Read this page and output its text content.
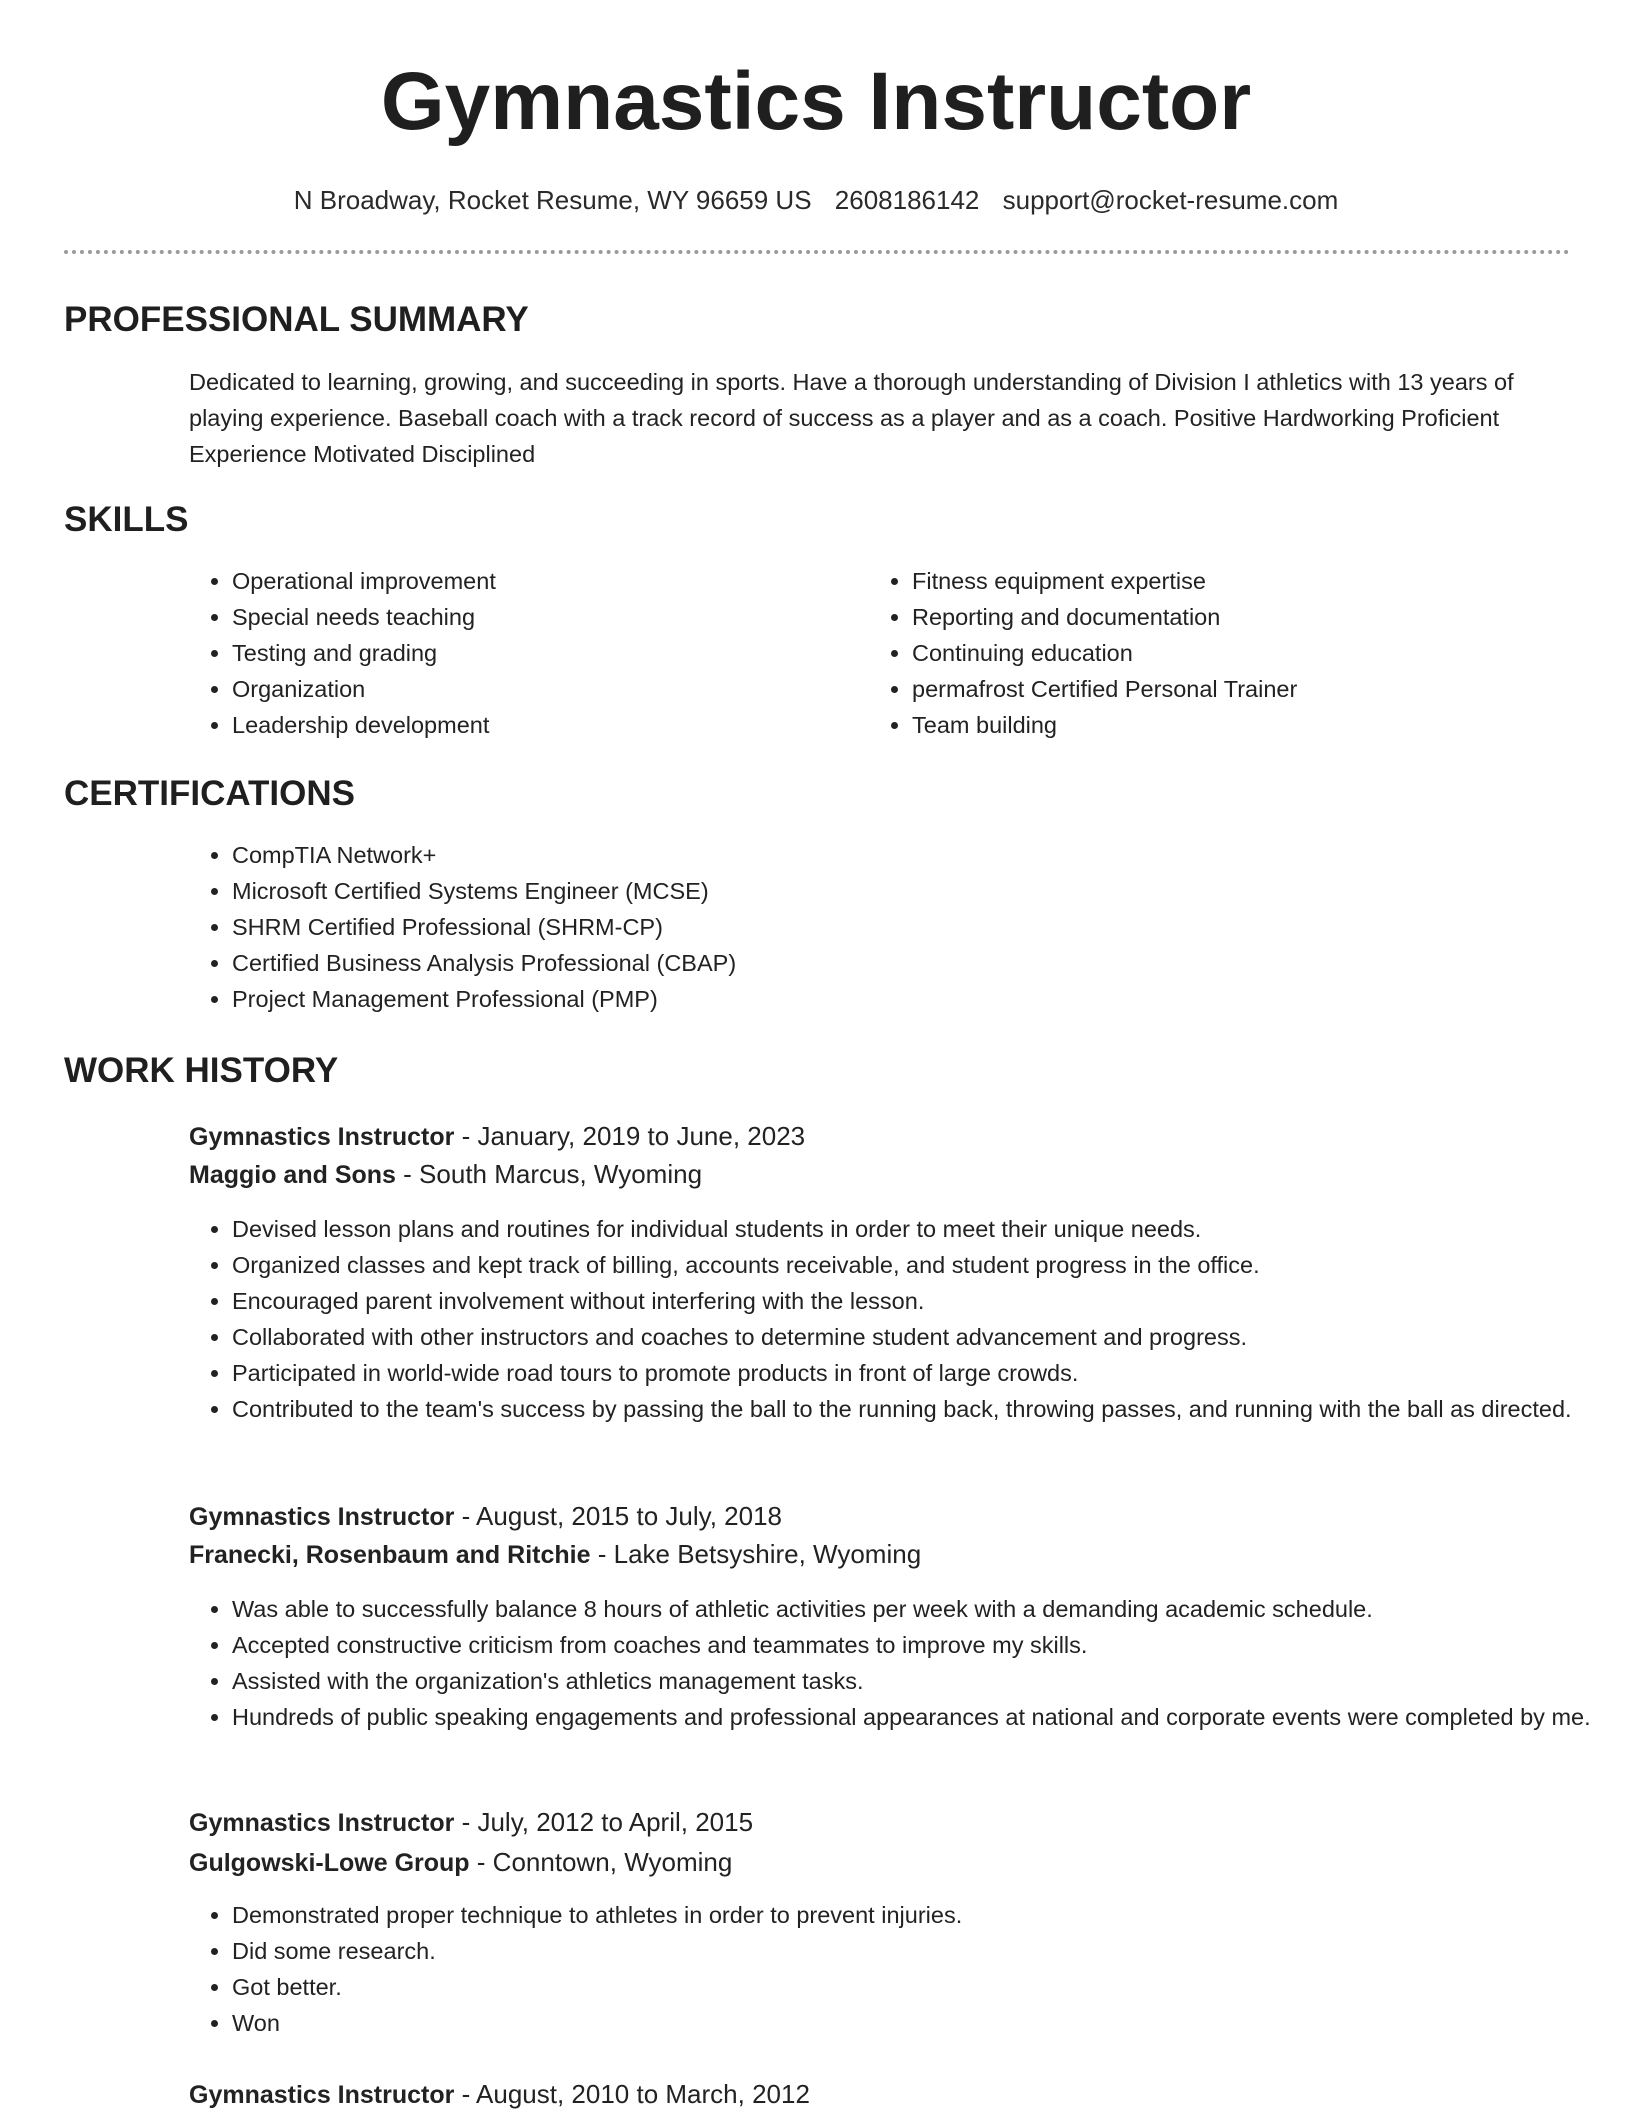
Gymnastics Instructor
N Broadway, Rocket Resume, WY 96659 US 2608186142 support@rocket-resume.com
PROFESSIONAL SUMMARY
Dedicated to learning, growing, and succeeding in sports. Have a thorough understanding of Division I athletics with 13 years of playing experience. Baseball coach with a track record of success as a player and as a coach. Positive Hardworking Proficient Experience Motivated Disciplined
SKILLS
• Operational improvement
• Special needs teaching
• Testing and grading
• Organization
• Leadership development
• Fitness equipment expertise
• Reporting and documentation
• Continuing education
• permafrost Certified Personal Trainer
• Team building
CERTIFICATIONS
• CompTIA Network+
• Microsoft Certified Systems Engineer (MCSE)
• SHRM Certified Professional (SHRM-CP)
• Certified Business Analysis Professional (CBAP)
• Project Management Professional (PMP)
WORK HISTORY
Gymnastics Instructor - January, 2019 to June, 2023
Maggio and Sons - South Marcus, Wyoming
• Devised lesson plans and routines for individual students in order to meet their unique needs.
• Organized classes and kept track of billing, accounts receivable, and student progress in the office.
• Encouraged parent involvement without interfering with the lesson.
• Collaborated with other instructors and coaches to determine student advancement and progress.
• Participated in world-wide road tours to promote products in front of large crowds.
• Contributed to the team's success by passing the ball to the running back, throwing passes, and running with the ball as directed.
Gymnastics Instructor - August, 2015 to July, 2018
Franecki, Rosenbaum and Ritchie - Lake Betsyshire, Wyoming
• Was able to successfully balance 8 hours of athletic activities per week with a demanding academic schedule.
• Accepted constructive criticism from coaches and teammates to improve my skills.
• Assisted with the organization's athletics management tasks.
• Hundreds of public speaking engagements and professional appearances at national and corporate events were completed by me.
Gymnastics Instructor - July, 2012 to April, 2015
Gulgowski-Lowe Group - Conntown, Wyoming
• Demonstrated proper technique to athletes in order to prevent injuries.
• Did some research.
• Got better.
• Won
Gymnastics Instructor - August, 2010 to March, 2012
